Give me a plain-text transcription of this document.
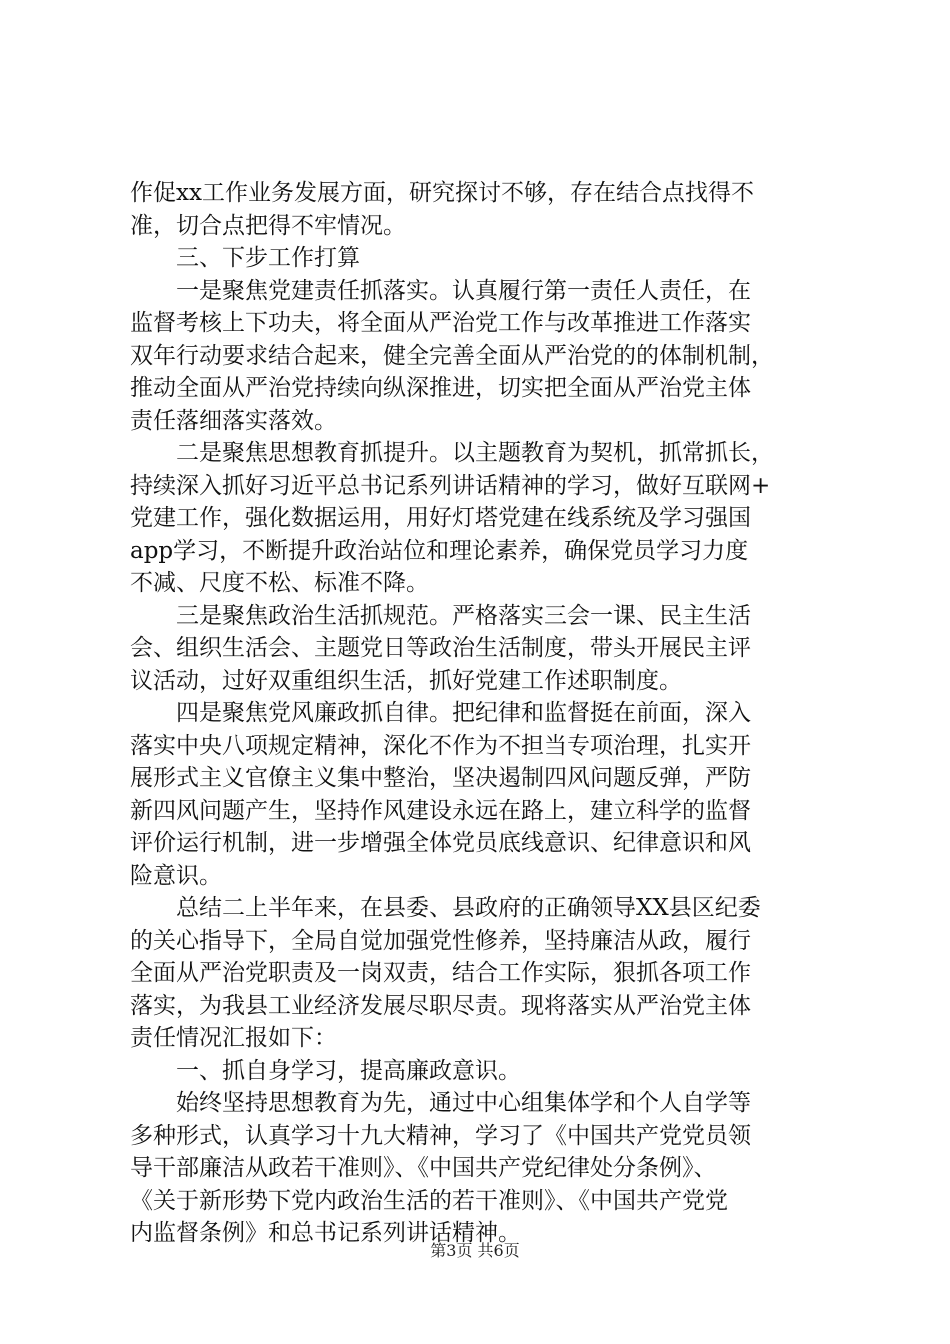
作促xx工作业务发展方面，研究探讨不够，存在结合点找得不
准，切合点把得不牢情况。
三、下步工作打算
一是聚焦党建责任抓落实。认真履行第一责任人责任，在
监督考核上下功夫，将全面从严治党工作与改革推进工作落实
双年行动要求结合起来，健全完善全面从严治党的的体制机制，
推动全面从严治党持续向纵深推进，切实把全面从严治党主体
责任落细落实落效。
二是聚焦思想教育抓提升。以主题教育为契机，抓常抓长，
持续深入抓好习近平总书记系列讲话精神的学习，做好互联网+
党建工作，强化数据运用，用好灯塔党建在线系统及学习强国
app学习，不断提升政治站位和理论素养，确保党员学习力度
不减、尺度不松、标准不降。
三是聚焦政治生活抓规范。严格落实三会一课、民主生活
会、组织生活会、主题党日等政治生活制度，带头开展民主评
议活动，过好双重组织生活，抓好党建工作述职制度。
四是聚焦党风廉政抓自律。把纪律和监督挺在前面，深入
落实中央八项规定精神，深化不作为不担当专项治理，扎实开
展形式主义官僚主义集中整治，坚决遏制四风问题反弹，严防
新四风问题产生，坚持作风建设永远在路上，建立科学的监督
评价运行机制，进一步增强全体党员底线意识、纪律意识和风
险意识。
总结二上半年来，在县委、县政府的正确领导XX县区纪委
的关心指导下，全局自觉加强党性修养，坚持廉洁从政，履行
全面从严治党职责及一岗双责，结合工作实际，狠抓各项工作
落实，为我县工业经济发展尽职尽责。现将落实从严治党主体
责任情况汇报如下：
一、抓自身学习，提高廉政意识。
始终坚持思想教育为先，通过中心组集体学和个人自学等
多种形式，认真学习十九大精神，学习了《中国共产党党员领
导干部廉洁从政若干准则》、《中国共产党纪律处分条例》、
《关于新形势下党内政治生活的若干准则》、《中国共产党党
内监督条例》和总书记系列讲话精神。
第3页 共6页
